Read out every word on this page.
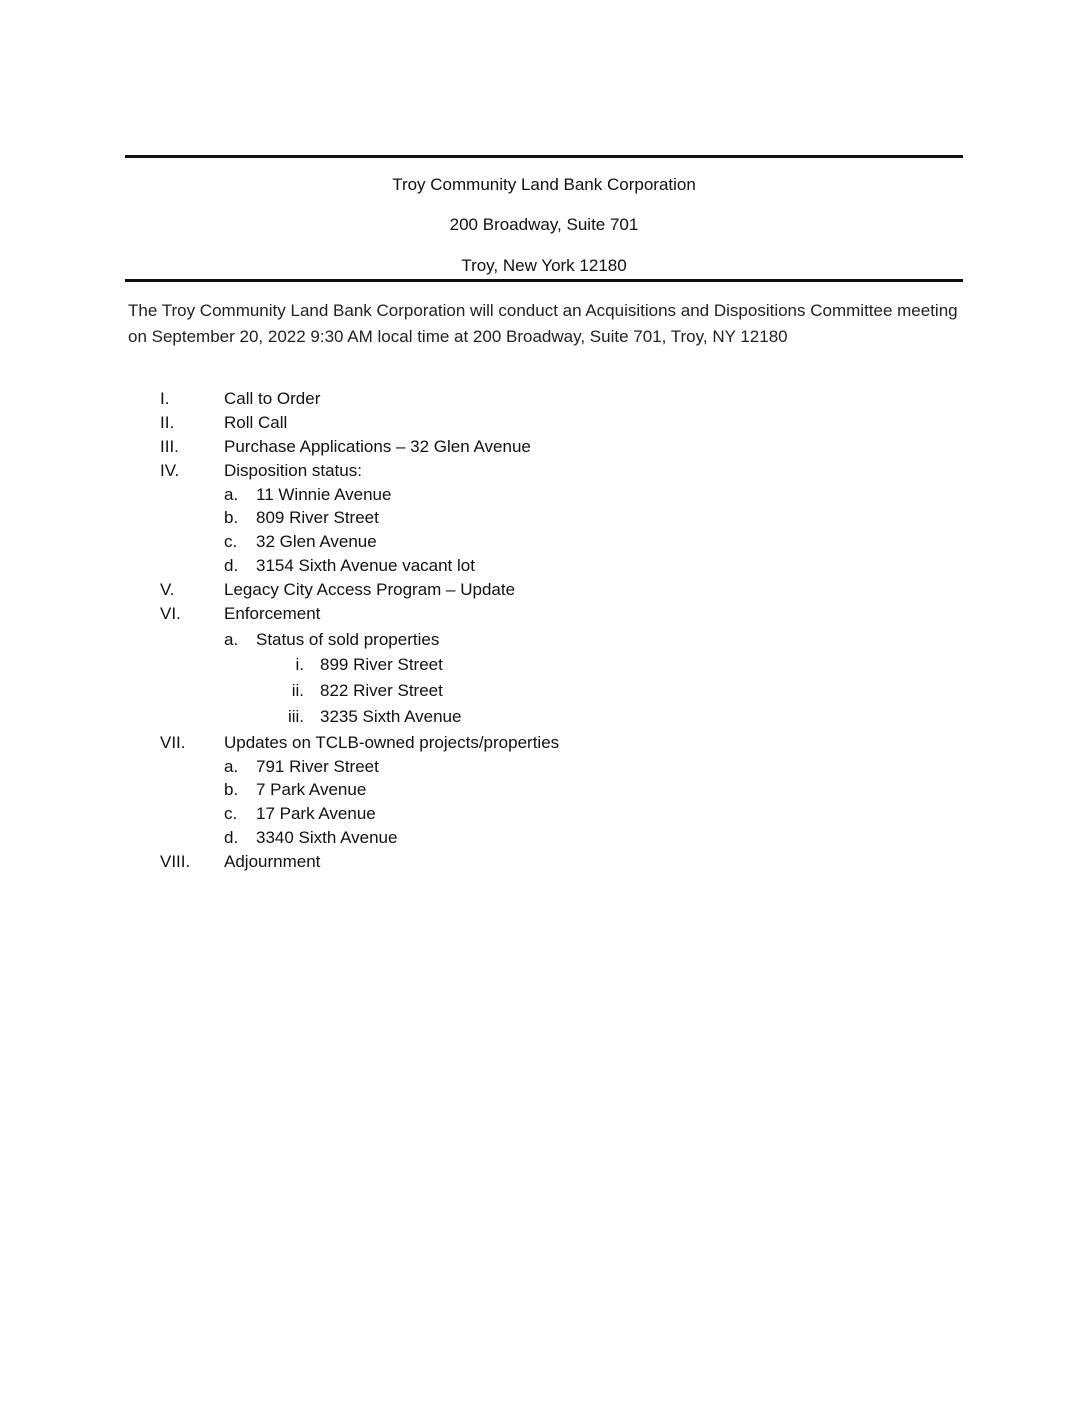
Troy Community Land Bank Corporation
200 Broadway, Suite 701
Troy, New York 12180
The Troy Community Land Bank Corporation will conduct an Acquisitions and Dispositions Committee meeting on September 20, 2022 9:30 AM local time at 200 Broadway, Suite 701, Troy, NY 12180
I.	Call to Order
II.	Roll Call
III.	Purchase Applications – 32 Glen Avenue
IV.	Disposition status:
a. 11 Winnie Avenue
b. 809 River Street
c. 32 Glen Avenue
d. 3154 Sixth Avenue vacant lot
V.	Legacy City Access Program – Update
VI.	Enforcement
a. Status of sold properties
i. 899 River Street
ii. 822 River Street
iii. 3235 Sixth Avenue
VII. Updates on TCLB-owned projects/properties
a. 791 River Street
b. 7 Park Avenue
c. 17 Park Avenue
d. 3340 Sixth Avenue
VIII. Adjournment
